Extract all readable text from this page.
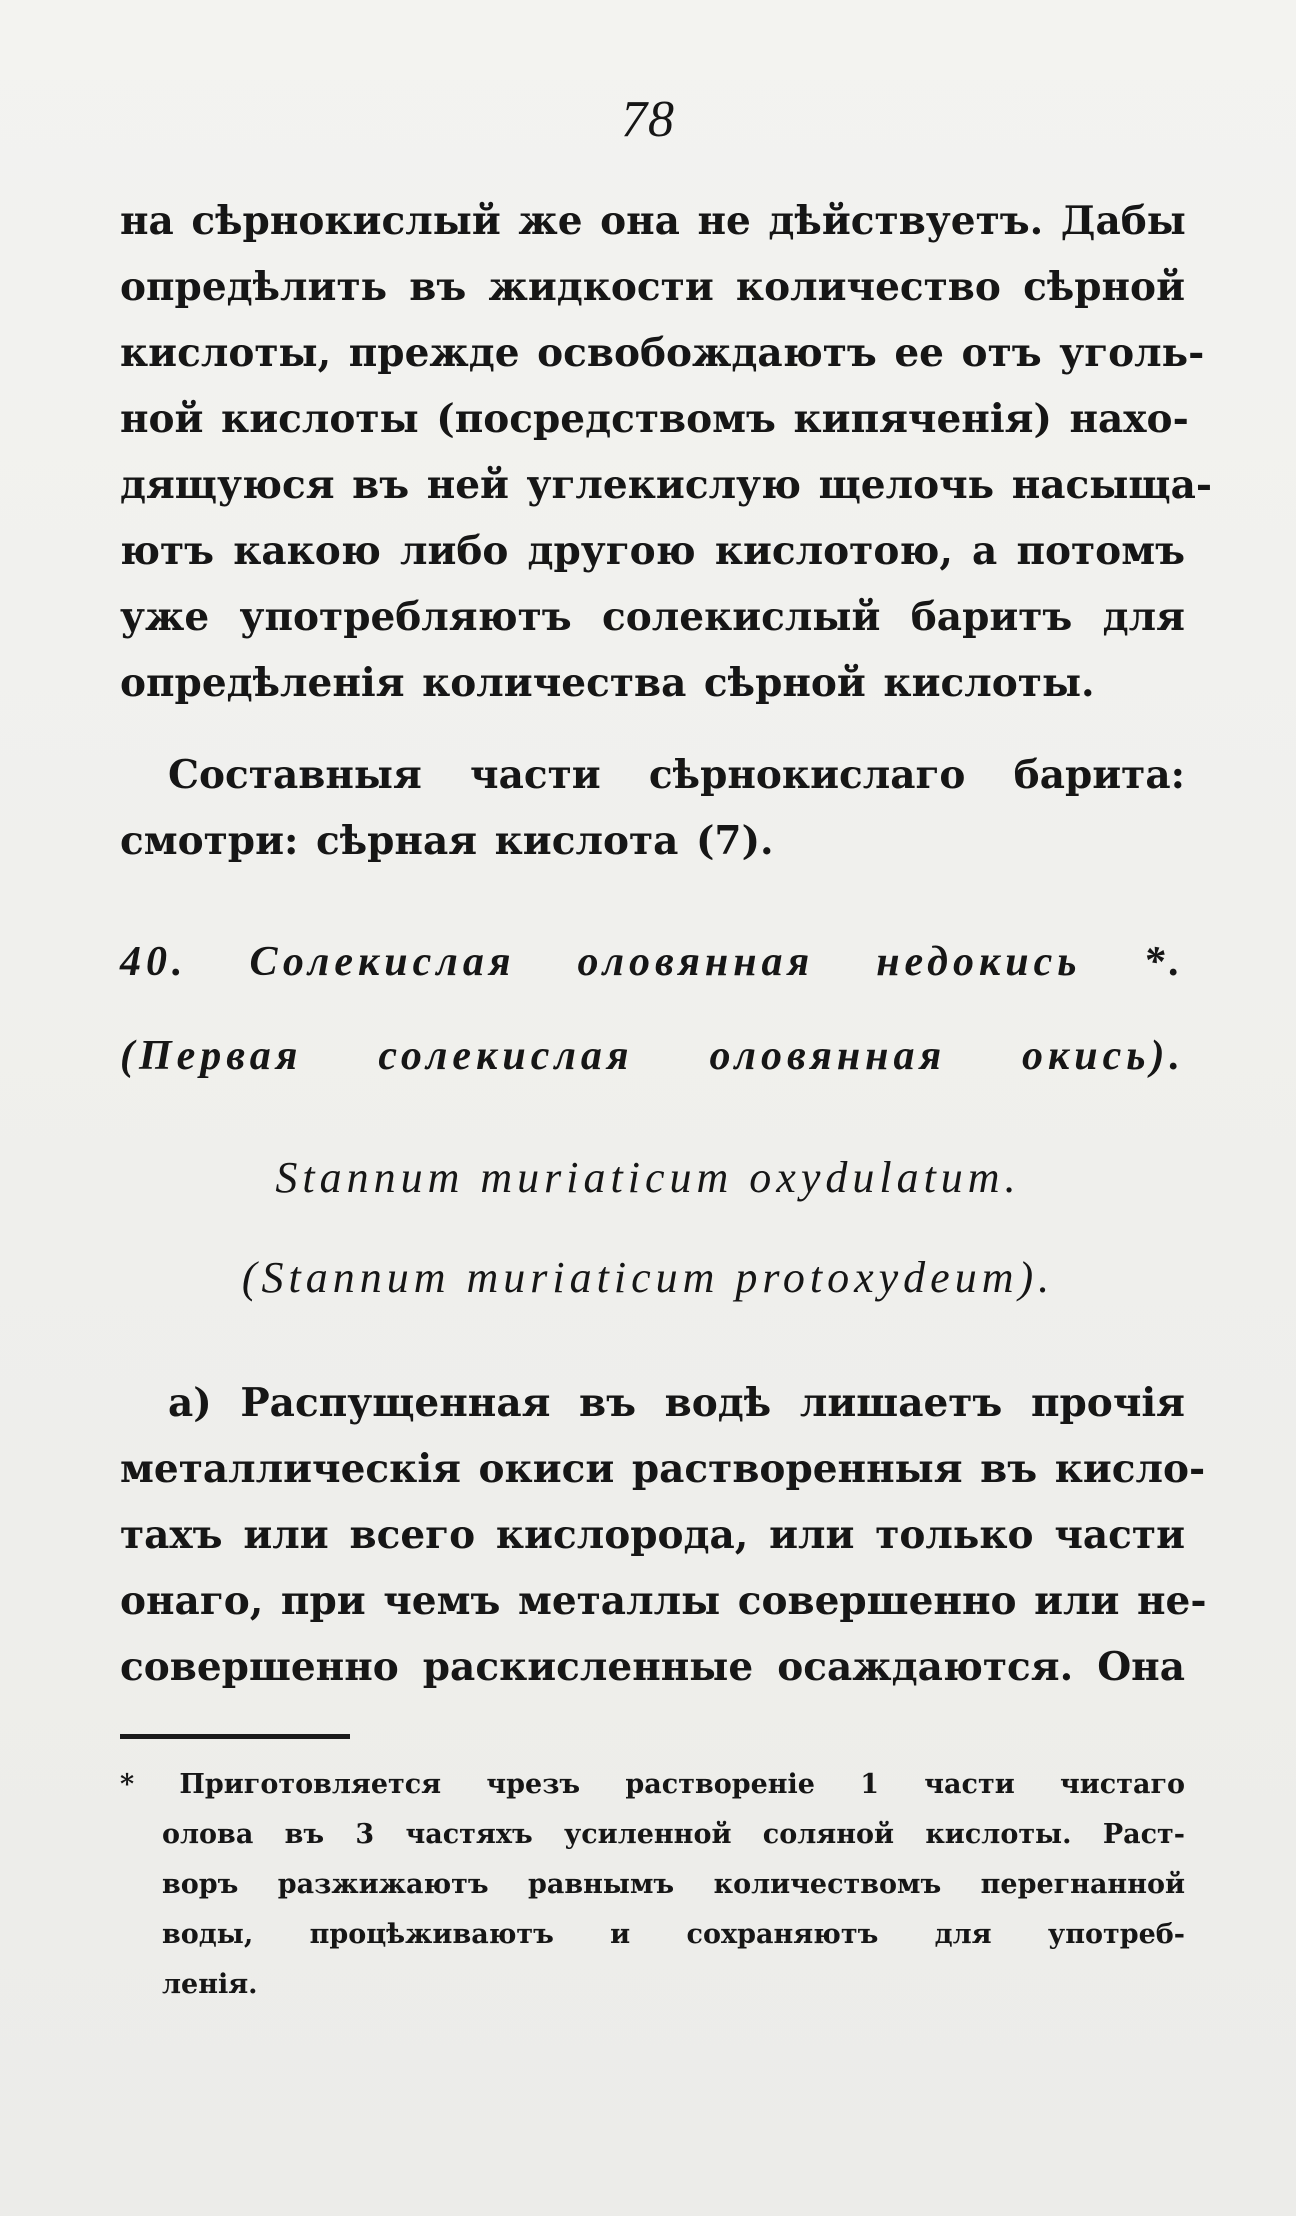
78
на сѣрнокислый же она не дѣйствуетъ. Дабы
опредѣлить въ жидкости количество сѣрной
кислоты, прежде освобождаютъ ее отъ уголь-
ной кислоты (посредствомъ кипяченія) нахо-
дящуюся въ ней углекислую щелочь насыща-
ютъ какою либо другою кислотою, а потомъ
уже употребляютъ солекислый баритъ для
опредѣленія количества сѣрной кислоты.
Составныя части сѣрнокислаго барита:
смотри: сѣрная кислота (7).
40. Солекислая оловянная недокись *.
(Первая солекислая оловянная окись).
Stannum muriaticum oxydulatum.
(Stannum muriaticum protoxydeum).
а) Распущенная въ водѣ лишаетъ прочія
металлическія окиси растворенныя въ кисло-
тахъ или всего кислорода, или только части
онаго, при чемъ металлы совершенно или не-
совершенно раскисленные осаждаются. Она
* Приготовляется чрезъ раствореніе 1 части чистаго
олова въ 3 частяхъ усиленной соляной кислоты. Раст-
воръ разжижаютъ равнымъ количествомъ перегнанной
воды, процѣживаютъ и сохраняютъ для употреб-
ленія.
